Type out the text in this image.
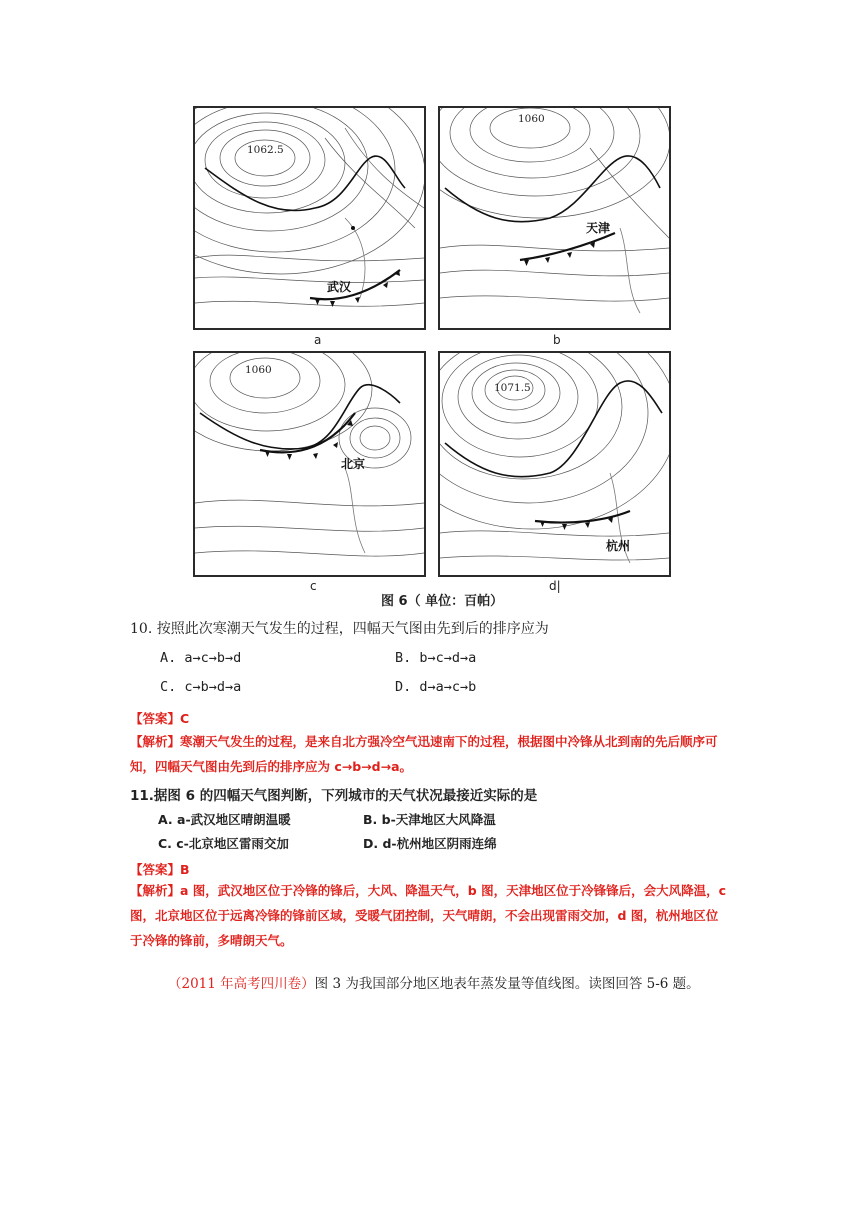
1062.5
武汉
a
1060
天津
b
1060
北京
c
1071.5
杭州
d|
图 6（ 单位：百帕）
10. 按照此次寒潮天气发生的过程，四幅天气图由先到后的排序应为
A. a→c→b→d	B. b→c→d→a
C. c→b→d→a	D. d→a→c→b
【答案】C
【解析】寒潮天气发生的过程，是来自北方强冷空气迅速南下的过程，根据图中冷锋从北到南的先后顺序可知，四幅天气图由先到后的排序应为 c→b→d→a。
11.据图 6 的四幅天气图判断，下列城市的天气状况最接近实际的是
A. a-武汉地区晴朗温暖	B. b-天津地区大风降温
C. c-北京地区雷雨交加	D. d-杭州地区阴雨连绵
【答案】B
【解析】a 图，武汉地区位于冷锋的锋后，大风、降温天气，b 图，天津地区位于冷锋锋后，会大风降温，c 图，北京地区位于远离冷锋的锋前区域，受暖气团控制，天气晴朗，不会出现雷雨交加，d 图，杭州地区位于冷锋的锋前，多晴朗天气。
（2011 年高考四川卷）图 3 为我国部分地区地表年蒸发量等值线图。读图回答 5-6 题。
